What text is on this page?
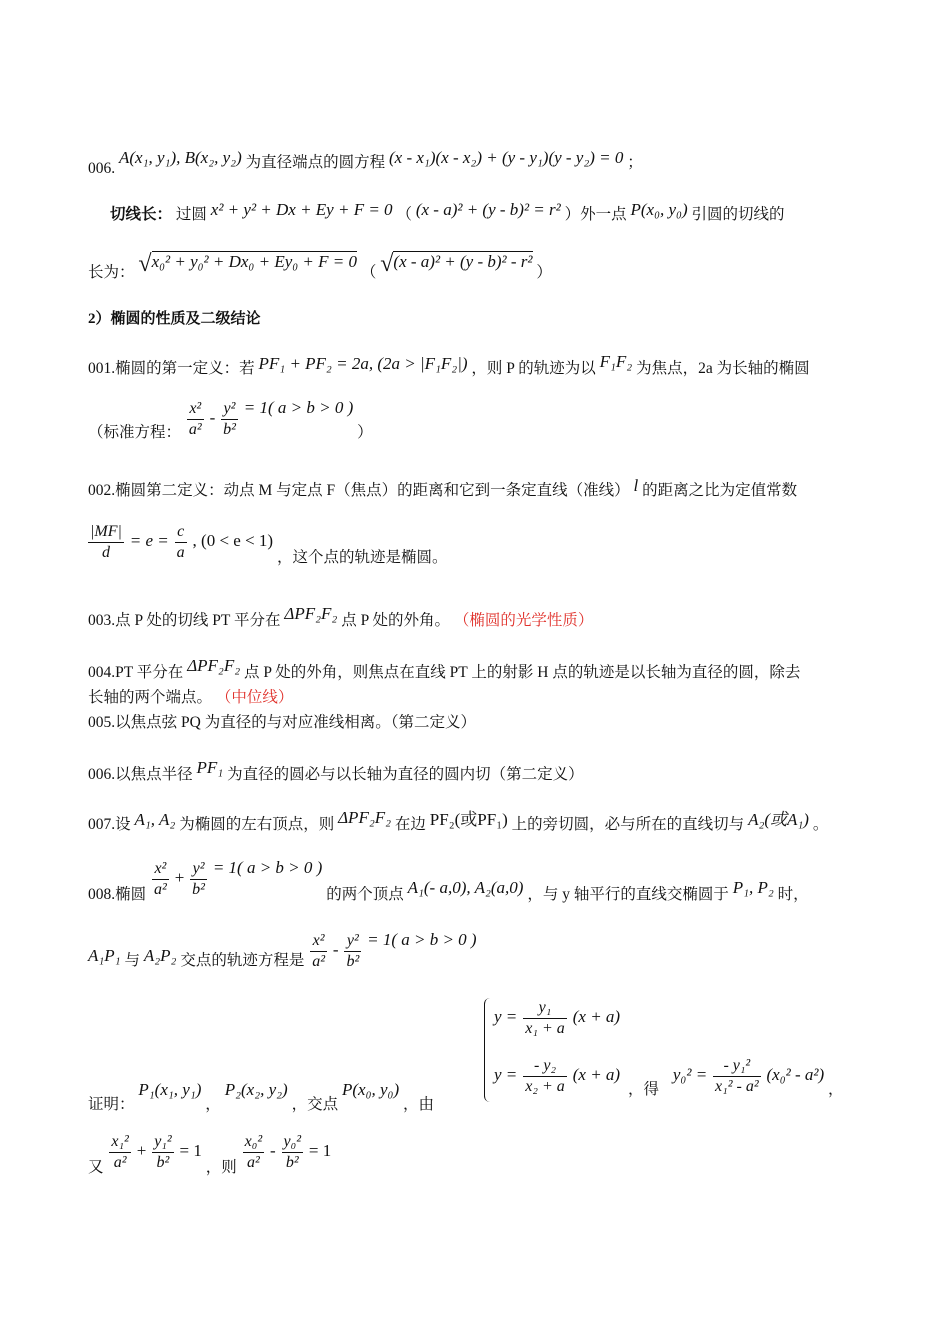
006. A(x₁, y₁), B(x₂, y₂) 为直径端点的圆方程 (x - x₁)(x - x₂) + (y - y₁)(y - y₂) = 0 ；
切线长： 过圆 x² + y² + Dx + Ey + F = 0 （ (x - a)² + (y - b)² = r² ）外一点 P(x₀, y₀) 引圆的切线的
长为： √x₀² + y₀² + Dx₀ + Ey₀ + F = 0 （ √(x - a)² + (y - b)² - r² ）
2）椭圆的性质及二级结论
001.椭圆的第一定义：若 PF₁ + PF₂ = 2a, (2a > |F₁F₂|) ，则 P 的轨迹为以 F₁F₂ 为焦点，2a 为长轴的椭圆
（标准方程： $\frac{\text{x²}}{\text{a²}} - \frac{\text{y²}}{\text{b²}} = 1$( a > b > 0 ) ）
002.椭圆第二定义：动点 M 与定点 F（焦点）的距离和它到一条定直线（准线） l 的距离之比为定值常数
$\frac{|MF|}{d} = e = \frac{c}{a}$ , (0 < e < 1) ，这个点的轨迹是椭圆。
003.点 P 处的切线 PT 平分在 ΔPF₂F₂ 点 P 处的外角。 （椭圆的光学性质）
004.PT 平分在 ΔPF₂F₂ 点 P 处的外角，则焦点在直线 PT 上的射影 H 点的轨迹是以长轴为直径的圆，除去
长轴的两个端点。 （中位线）
005.以焦点弦 PQ 为直径的与对应准线相离。（第二定义）
006.以焦点半径 PF₁ 为直径的圆必与以长轴为直径的圆内切（第二定义）
007.设 A₁, A₂ 为椭圆的左右顶点，则 ΔPF₂F₂ 在边 PF₂(或PF₁) 上的旁切圆，必与所在的直线切与 A₂(或A₁) 。
008.椭圆 $\frac{\text{x²}}{\text{a²}} + \frac{\text{y²}}{\text{b²}} = 1$( a > b > 0 ) 的两个顶点 A₁(- a,0), A₂(a,0) ，与 y 轴平行的直线交椭圆于 P₁, P₂ 时，
A₁P₁ 与 A₂P₂ 交点的轨迹方程是 $\frac{\text{x²}}{\text{a²}} - \frac{\text{y²}}{\text{b²}} = 1$( a > b > 0 )
证明： P₁(x₁, y₁) ， P₂(x₂, y₂) ，交点 P(x₀, y₀) ，由
$y = \frac{\text{y₁}}{\text{x₁ + a}} (x + a)$
$y = \frac{\text{- y₂}}{\text{x₂ + a}} (x + a)$
，得 $y_0^2 = \frac{\text{- y₁²}}{\text{x₁² - a²}} (x_0^2 - a^2)$ ，
又 $\frac{\text{x₁²}}{\text{a²}} + \frac{\text{y₁²}}{\text{b²}} = 1$ ，则 $\frac{\text{x₀²}}{\text{a²}} - \frac{\text{y₀²}}{\text{b²}} = 1$
